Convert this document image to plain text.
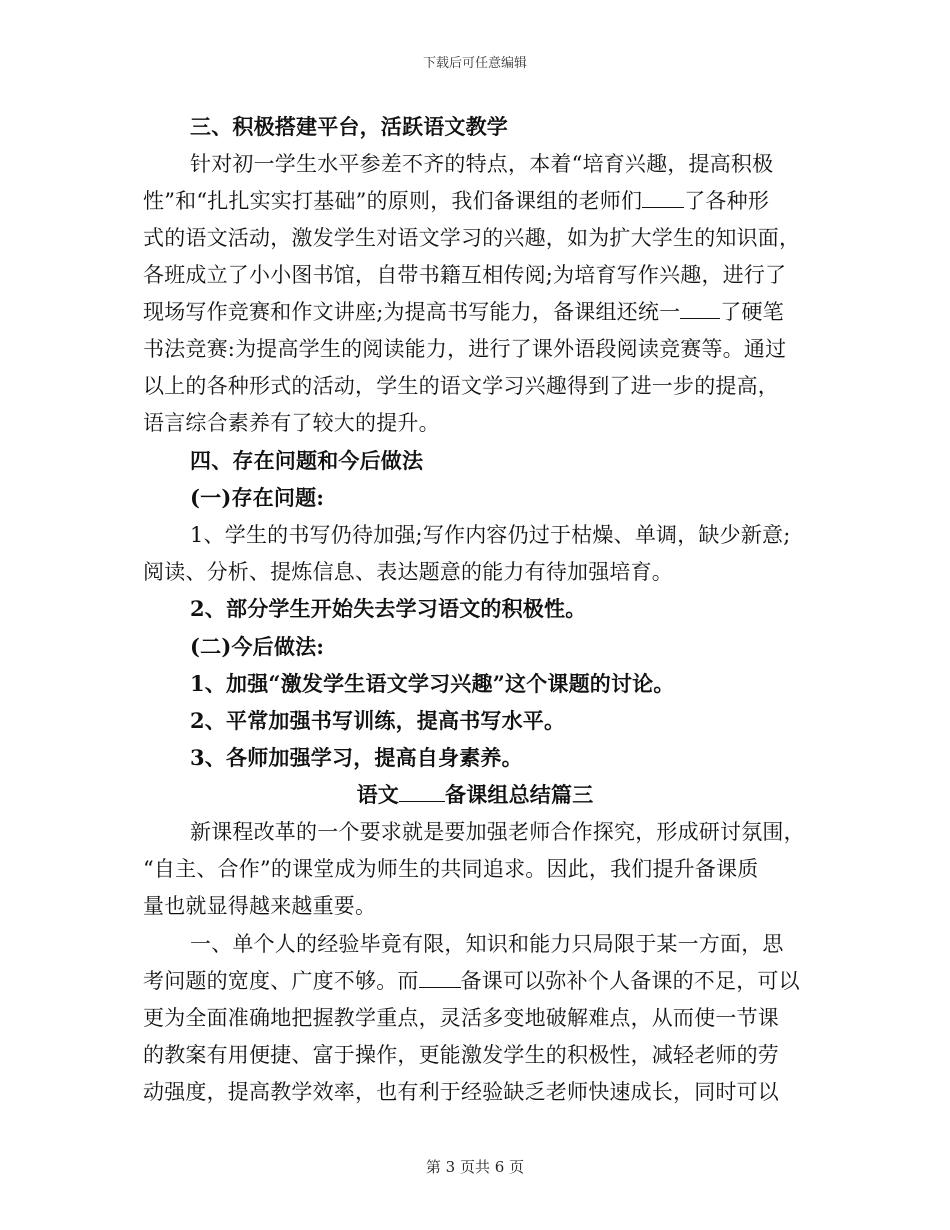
下载后可任意编辑
三、积极搭建平台，活跃语文教学
针对初一学生水平参差不齐的特点，本着“培育兴趣，提高积极
性”和“扎扎实实打基础”的原则，我们备课组的老师们 了各种形
式的语文活动，激发学生对语文学习的兴趣，如为扩大学生的知识面，
各班成立了小小图书馆，自带书籍互相传阅;为培育写作兴趣，进行了
现场写作竞赛和作文讲座;为提高书写能力，备课组还统一 了硬笔
书法竞赛:为提高学生的阅读能力，进行了课外语段阅读竞赛等。通过
以上的各种形式的活动，学生的语文学习兴趣得到了进一步的提高，
语言综合素养有了较大的提升。
四、存在问题和今后做法
(一)存在问题:
1、学生的书写仍待加强;写作内容仍过于枯燥、单调，缺少新意;
阅读、分析、提炼信息、表达题意的能力有待加强培育。
2、部分学生开始失去学习语文的积极性。
(二)今后做法:
1、加强“激发学生语文学习兴趣”这个课题的讨论。
2、平常加强书写训练，提高书写水平。
3、各师加强学习，提高自身素养。
语文 备课组总结篇三
新课程改革的一个要求就是要加强老师合作探究，形成研讨氛围，
“自主、合作”的课堂成为师生的共同追求。因此，我们提升备课质
量也就显得越来越重要。
一、单个人的经验毕竟有限，知识和能力只局限于某一方面，思
考问题的宽度、广度不够。而 备课可以弥补个人备课的不足，可以
更为全面准确地把握教学重点，灵活多变地破解难点，从而使一节课
的教案有用便捷、富于操作，更能激发学生的积极性，减轻老师的劳
动强度，提高教学效率，也有利于经验缺乏老师快速成长，同时可以
第 3 页共 6 页
